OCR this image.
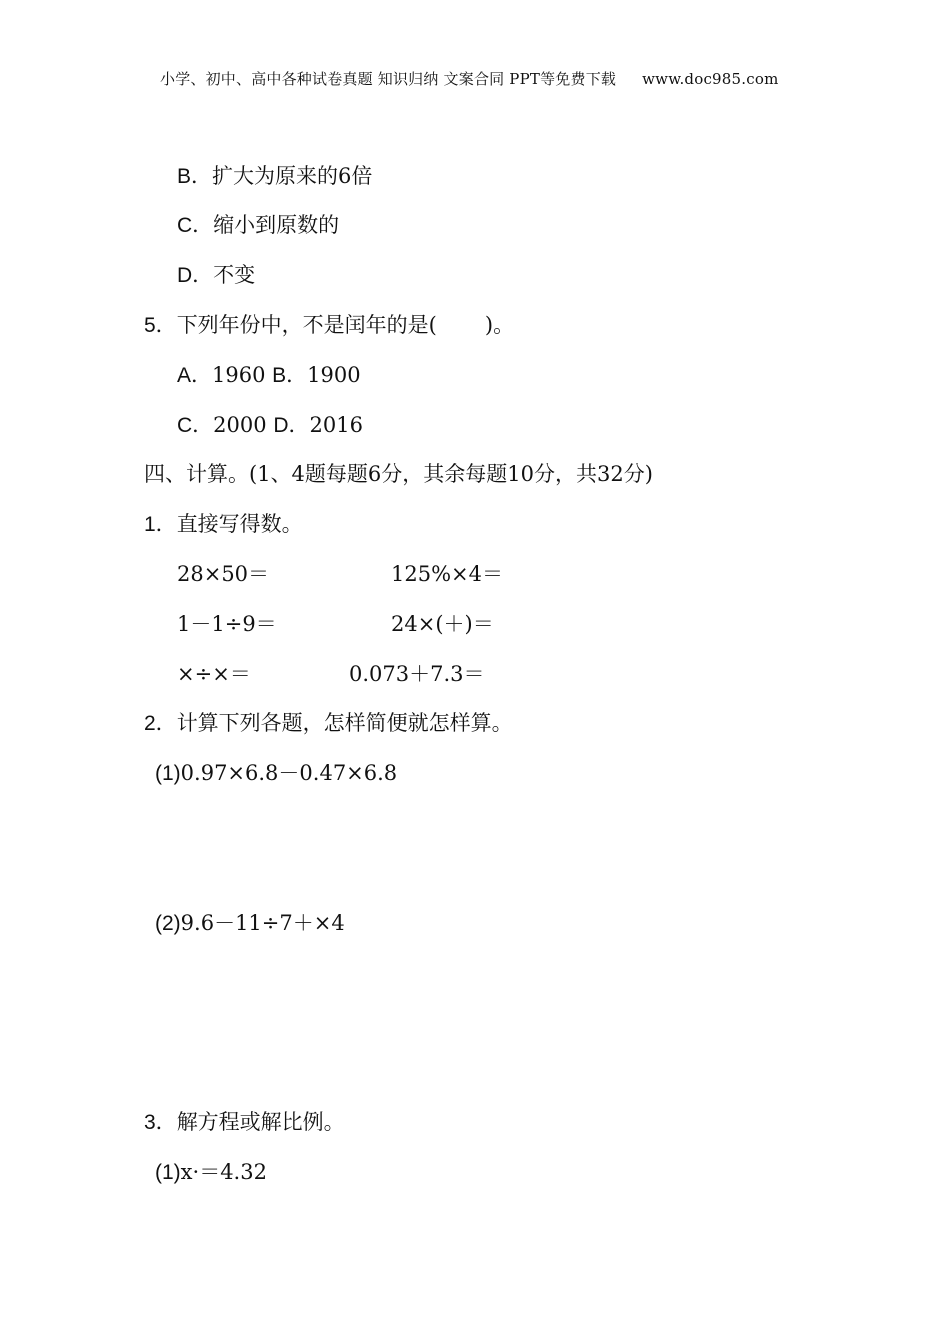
小学、初中、高中各种试卷真题 知识归纳 文案合同 PPT等免费下载 www.doc985.com
B．扩大为原来的6倍
C．缩小到原数的
D．不变
5．下列年份中，不是闰年的是( )。
A．1960 B．1900
C．2000 D．2016
四、计算。(1、4题每题6分，其余每题10分，共32分)
1．直接写得数。
28×50＝	125%×4＝
1－1÷9＝	24×(＋)＝
×÷×＝	0.073＋7.3＝
2．计算下列各题，怎样简便就怎样算。
(1)0.97×6.8－0.47×6.8
(2)9.6－11÷7＋×4
3．解方程或解比例。
(1)x·＝4.32
